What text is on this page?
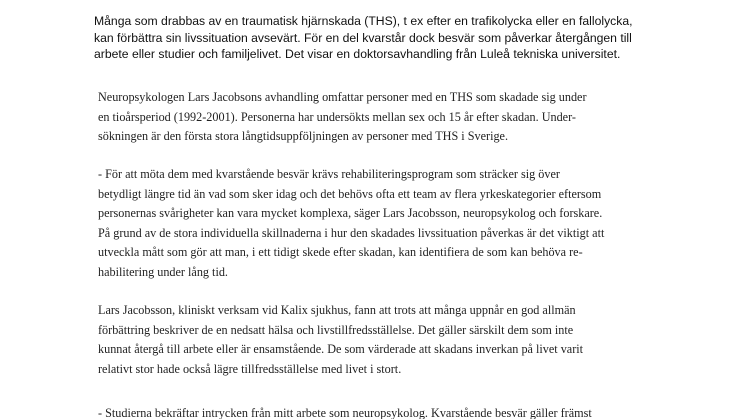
Många som drabbas av en traumatisk hjärnskada (THS), t ex efter en trafikolycka eller en fallolycka,
kan förbättra sin livssituation avsevärt. För en del kvarstår dock besvär som påverkar återgången till
arbete eller studier och familjelivet. Det visar en doktorsavhandling från Luleå tekniska universitet.

Neuropsykologen Lars Jacobsons avhandling omfattar personer med en THS som skadade sig under
en tioårsperiod (1992-2001). Personerna har undersökts mellan sex och 15 år efter skadan. Under-
sökningen är den första stora långtidsuppföljningen av personer med THS i Sverige.

- För att möta dem med kvarstående besvär krävs rehabiliteringsprogram som sträcker sig över
betydligt längre tid än vad som sker idag och det behövs ofta ett team av flera yrkeskategorier eftersom
personernas svårigheter kan vara mycket komplexa, säger Lars Jacobsson, neuropsykolog och forskare.
På grund av de stora individuella skillnaderna i hur den skadades livssituation påverkas är det viktigt att
utveckla mått som gör att man, i ett tidigt skede efter skadan, kan identifiera de som kan behöva re-
habilitering under lång tid.

Lars Jacobsson, kliniskt verksam vid Kalix sjukhus, fann att trots att många uppnår en god allmän
förbättring beskriver de en nedsatt hälsa och livstillfredsställelse. Det gäller särskilt dem som inte
kunnat återgå till arbete eller är ensamstående. De som värderade att skadans inverkan på livet varit
relativt stor hade också lägre tillfredsställelse med livet i stort.

- Studierna bekräftar intrycken från mitt arbete som neuropsykolog. Kvarstående besvär gäller främst
